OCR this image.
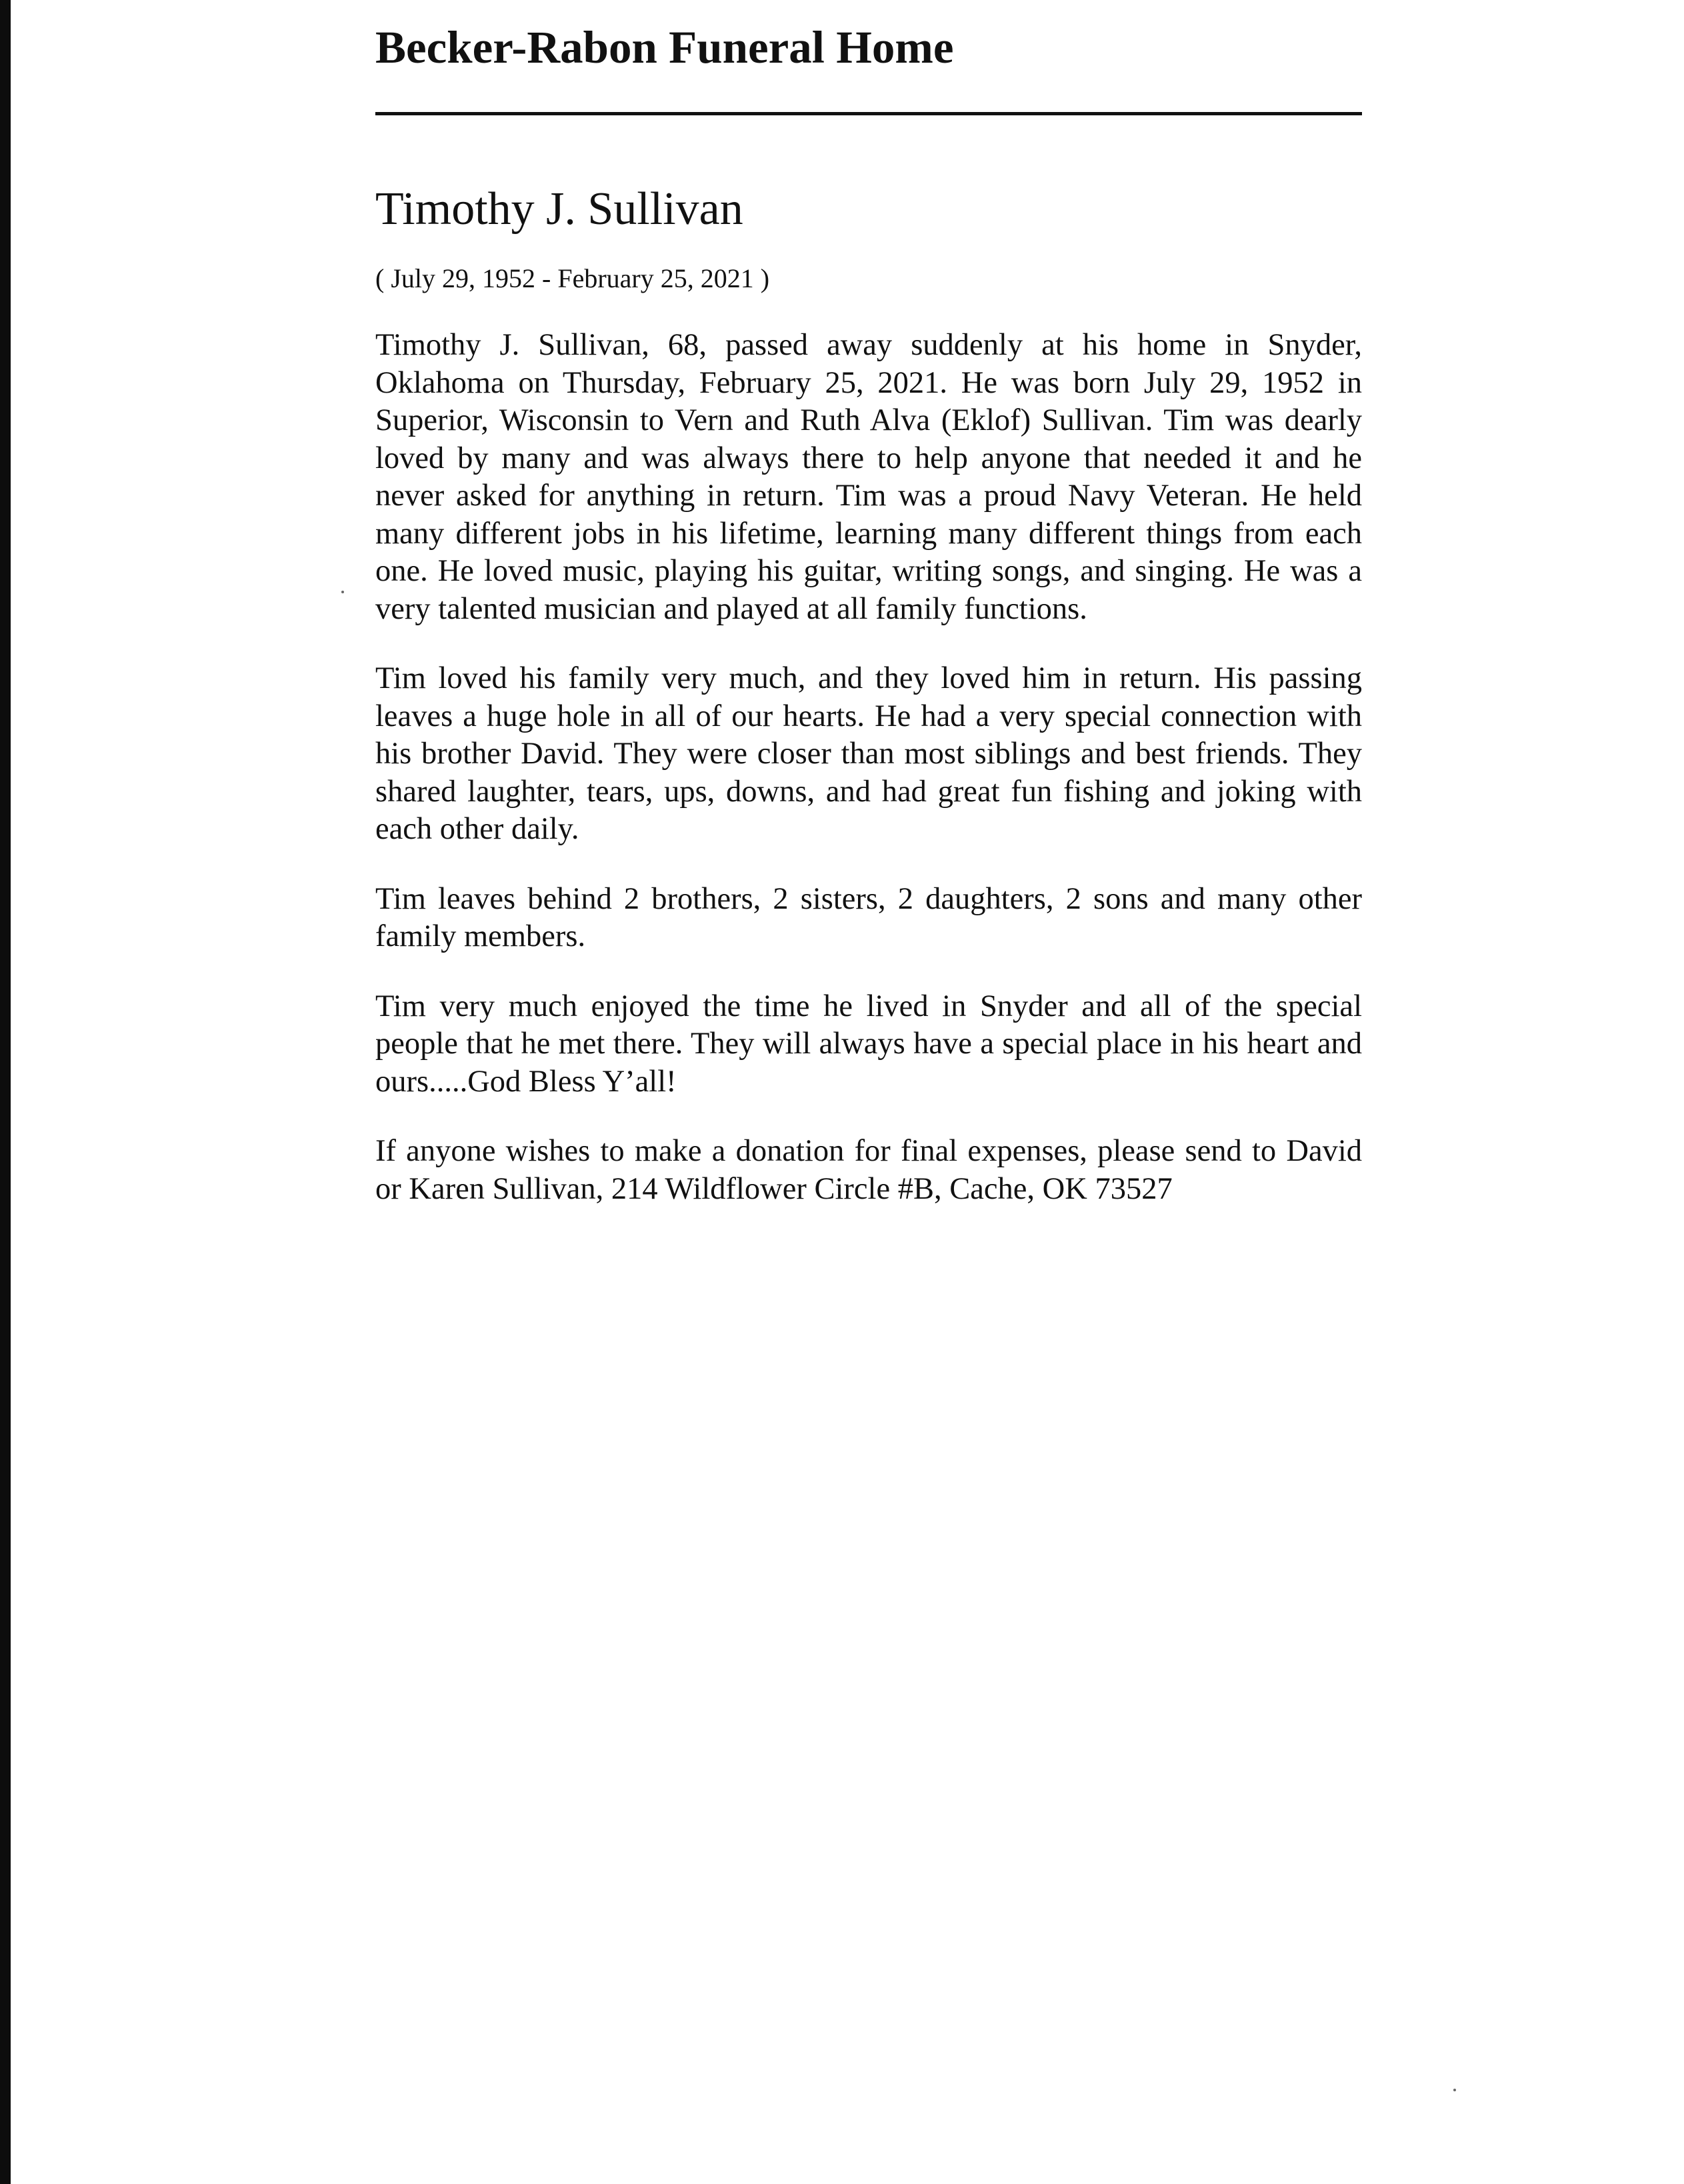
Becker-Rabon Funeral Home
Timothy J. Sullivan
( July 29, 1952 - February 25, 2021 )

Timothy J. Sullivan, 68, passed away suddenly at his home in Snyder, Oklahoma on Thursday, February 25, 2021. He was born July 29, 1952 in Superior, Wisconsin to Vern and Ruth Alva (Eklof) Sullivan. Tim was dearly loved by many and was always there to help anyone that needed it and he never asked for anything in return. Tim was a proud Navy Veteran. He held many different jobs in his lifetime, learning many different things from each one. He loved music, playing his guitar, writing songs, and singing. He was a very talented musician and played at all family functions.

Tim loved his family very much, and they loved him in return. His passing leaves a huge hole in all of our hearts. He had a very special connection with his brother David. They were closer than most siblings and best friends. They shared laughter, tears, ups, downs, and had great fun fishing and joking with each other daily.

Tim leaves behind 2 brothers, 2 sisters, 2 daughters, 2 sons and many other family members.

Tim very much enjoyed the time he lived in Snyder and all of the special people that he met there. They will always have a special place in his heart and ours.....God Bless Y’all!

If anyone wishes to make a donation for final expenses, please send to David or Karen Sullivan, 214 Wildflower Circle #B, Cache, OK 73527
